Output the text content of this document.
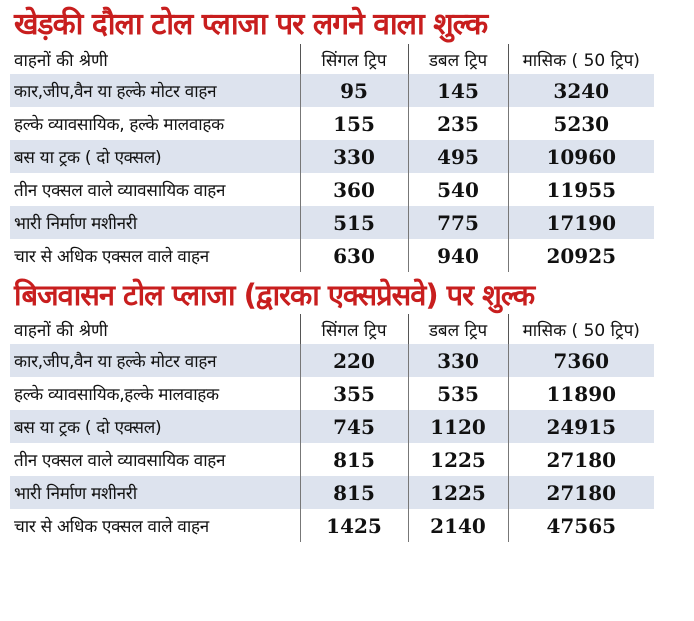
खेड़की दौला टोल प्लाजा पर लगने वाला शुल्क
वाहनों की श्रेणी	सिंगल ट्रिप	डबल ट्रिप	मासिक ( 50 ट्रिप)
कार,जीप,वैन या हल्के मोटर वाहन	95	145	3240
हल्के व्यावसायिक, हल्के मालवाहक	155	235	5230
बस या ट्रक ( दो एक्सल)	330	495	10960
तीन एक्सल वाले व्यावसायिक वाहन	360	540	11955
भारी निर्माण मशीनरी	515	775	17190
चार से अधिक एक्सल वाले वाहन	630	940	20925
बिजवासन टोल प्लाजा (द्वारका एक्सप्रेसवे) पर शुल्क
वाहनों की श्रेणी	सिंगल ट्रिप	डबल ट्रिप	मासिक ( 50 ट्रिप)
कार,जीप,वैन या हल्के मोटर वाहन	220	330	7360
हल्के व्यावसायिक,हल्के मालवाहक	355	535	11890
बस या ट्रक ( दो एक्सल)	745	1120	24915
तीन एक्सल वाले व्यावसायिक वाहन	815	1225	27180
भारी निर्माण मशीनरी	815	1225	27180
चार से अधिक एक्सल वाले वाहन	1425	2140	47565
